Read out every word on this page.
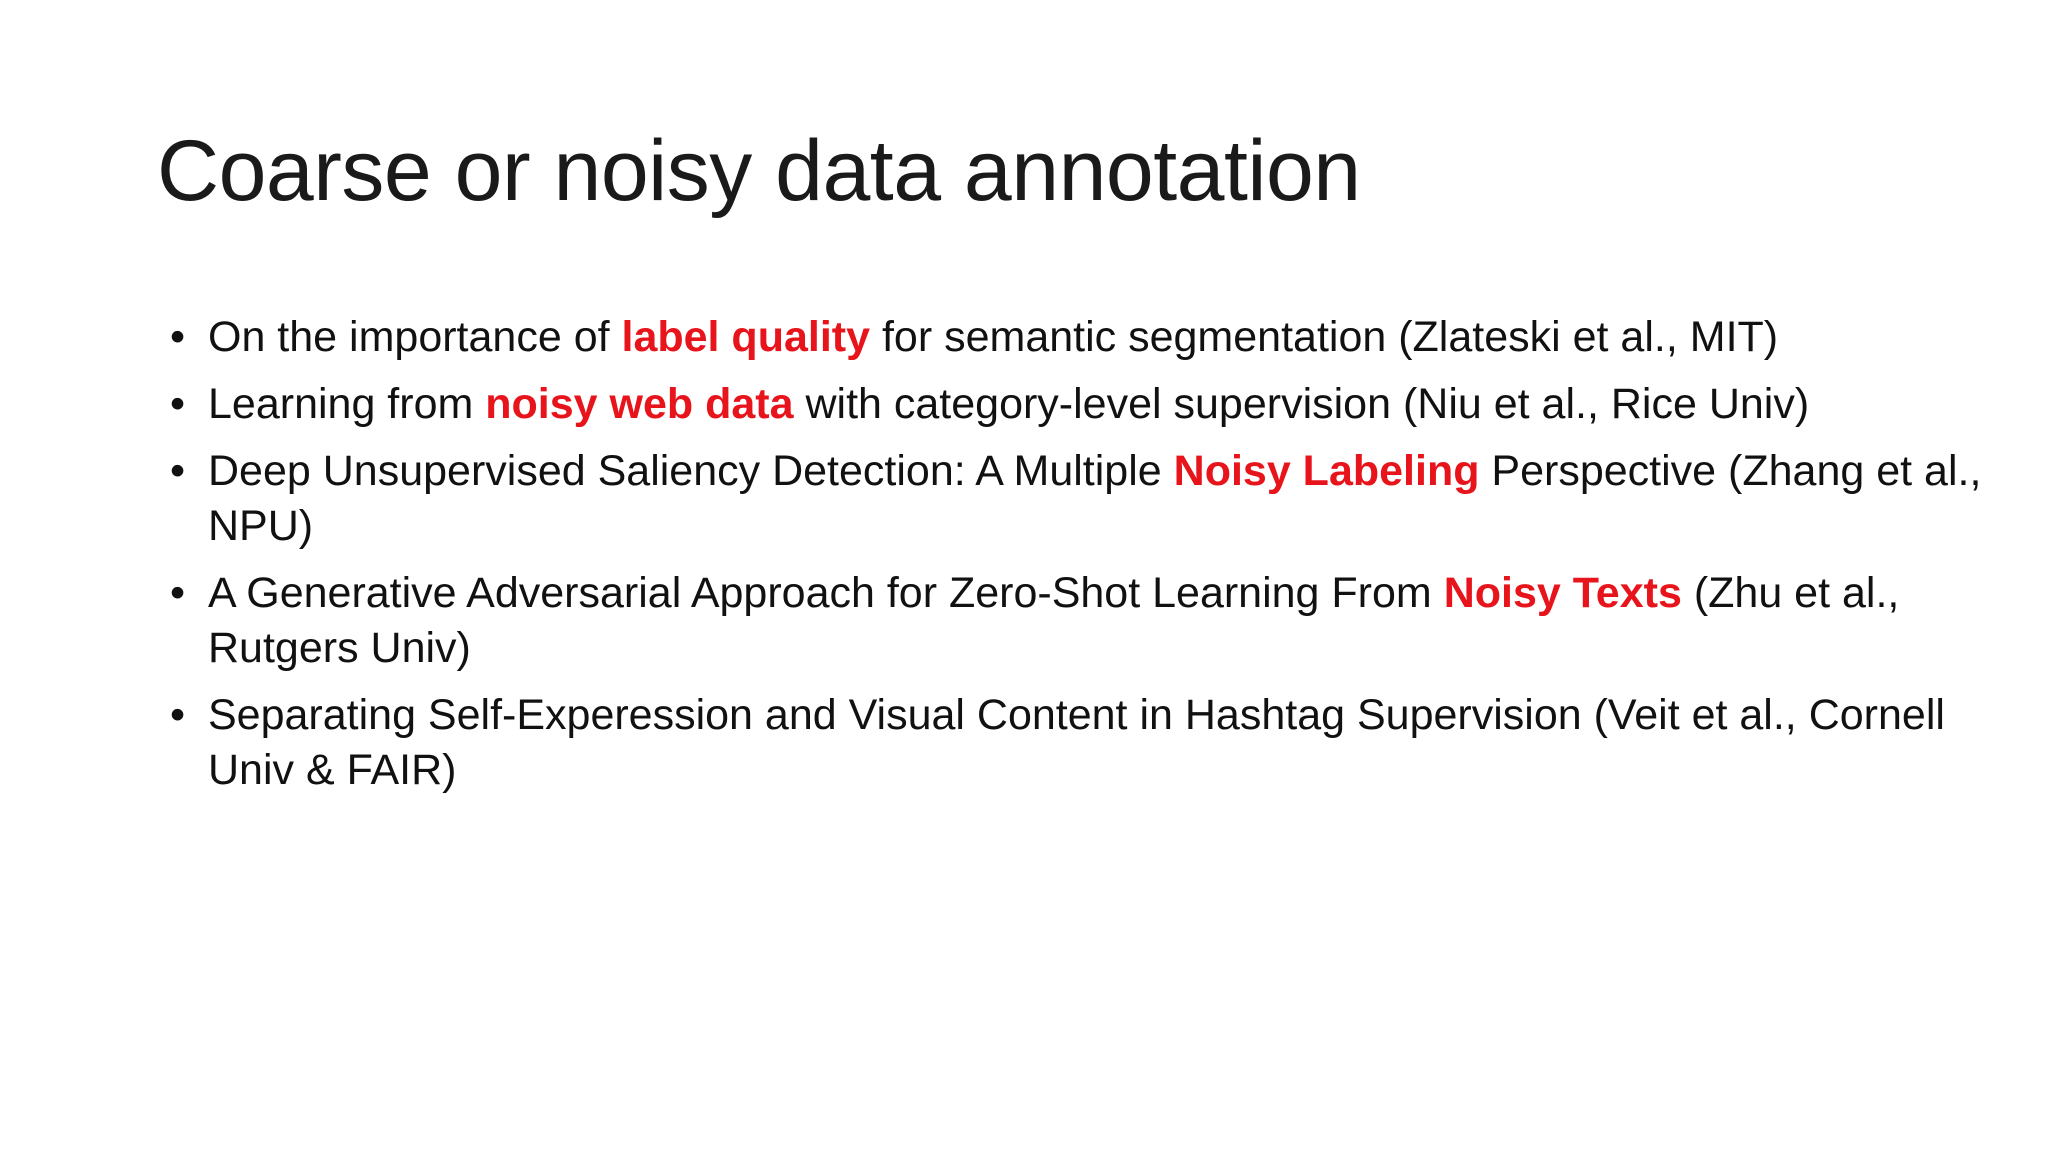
Coarse or noisy data annotation
• On the importance of label quality for semantic segmentation (Zlateski et al., MIT)
• Learning from noisy web data with category-level supervision (Niu et al., Rice Univ)
• Deep Unsupervised Saliency Detection: A Multiple Noisy Labeling Perspective (Zhang et al., NPU)
• A Generative Adversarial Approach for Zero-Shot Learning From Noisy Texts (Zhu et al., Rutgers Univ)
• Separating Self-Experession and Visual Content in Hashtag Supervision (Veit et al., Cornell Univ & FAIR)
